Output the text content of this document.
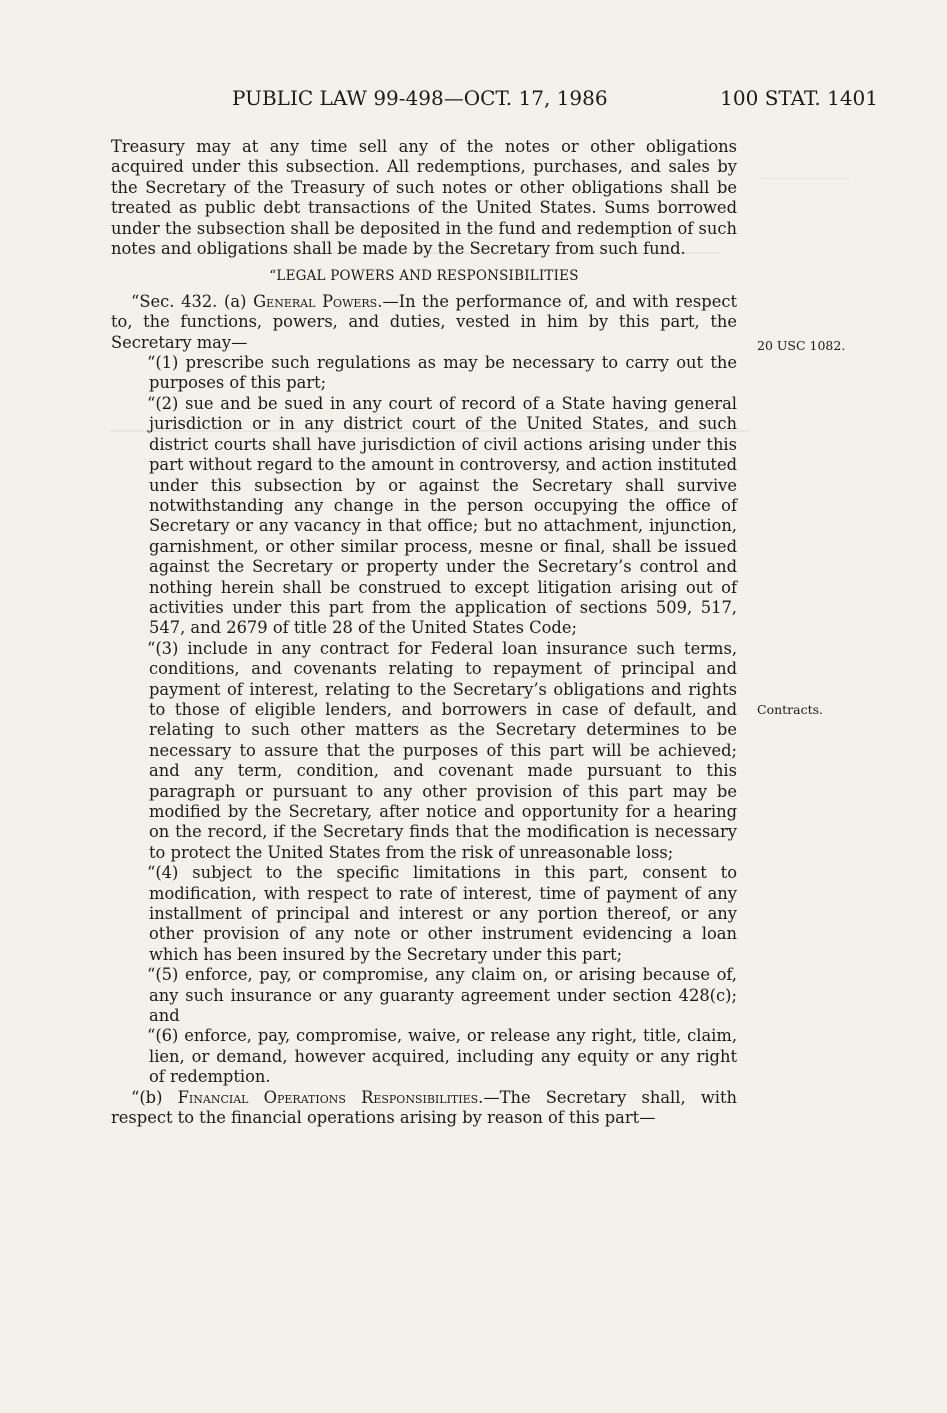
PUBLIC LAW 99-498—OCT. 17, 1986	100 STAT. 1401
20 USC 1082.
Contracts.

Treasury may at any time sell any of the notes or other obligations acquired under this subsection. All redemptions, purchases, and sales by the Secretary of the Treasury of such notes or other obligations shall be treated as public debt transactions of the United States. Sums borrowed under the subsection shall be deposited in the fund and redemption of such notes and obligations shall be made by the Secretary from such fund.

“LEGAL POWERS AND RESPONSIBILITIES

“Sec. 432. (a) General Powers.—In the performance of, and with respect to, the functions, powers, and duties, vested in him by this part, the Secretary may—

“(1) prescribe such regulations as may be necessary to carry out the purposes of this part;

“(2) sue and be sued in any court of record of a State having general jurisdiction or in any district court of the United States, and such district courts shall have jurisdiction of civil actions arising under this part without regard to the amount in controversy, and action instituted under this subsection by or against the Secretary shall survive notwithstanding any change in the person occupying the office of Secretary or any vacancy in that office; but no attachment, injunction, garnishment, or other similar process, mesne or final, shall be issued against the Secretary or property under the Secretary’s control and nothing herein shall be construed to except litigation arising out of activities under this part from the application of sections 509, 517, 547, and 2679 of title 28 of the United States Code;

“(3) include in any contract for Federal loan insurance such terms, conditions, and covenants relating to repayment of principal and payment of interest, relating to the Secretary’s obligations and rights to those of eligible lenders, and borrowers in case of default, and relating to such other matters as the Secretary determines to be necessary to assure that the purposes of this part will be achieved; and any term, condition, and covenant made pursuant to this paragraph or pursuant to any other provision of this part may be modified by the Secretary, after notice and opportunity for a hearing on the record, if the Secretary finds that the modification is necessary to protect the United States from the risk of unreasonable loss;

“(4) subject to the specific limitations in this part, consent to modification, with respect to rate of interest, time of payment of any installment of principal and interest or any portion thereof, or any other provision of any note or other instrument evidencing a loan which has been insured by the Secretary under this part;

“(5) enforce, pay, or compromise, any claim on, or arising because of, any such insurance or any guaranty agreement under section 428(c); and

“(6) enforce, pay, compromise, waive, or release any right, title, claim, lien, or demand, however acquired, including any equity or any right of redemption.

“(b) Financial Operations Responsibilities.—The Secretary shall, with respect to the financial operations arising by reason of this part—
